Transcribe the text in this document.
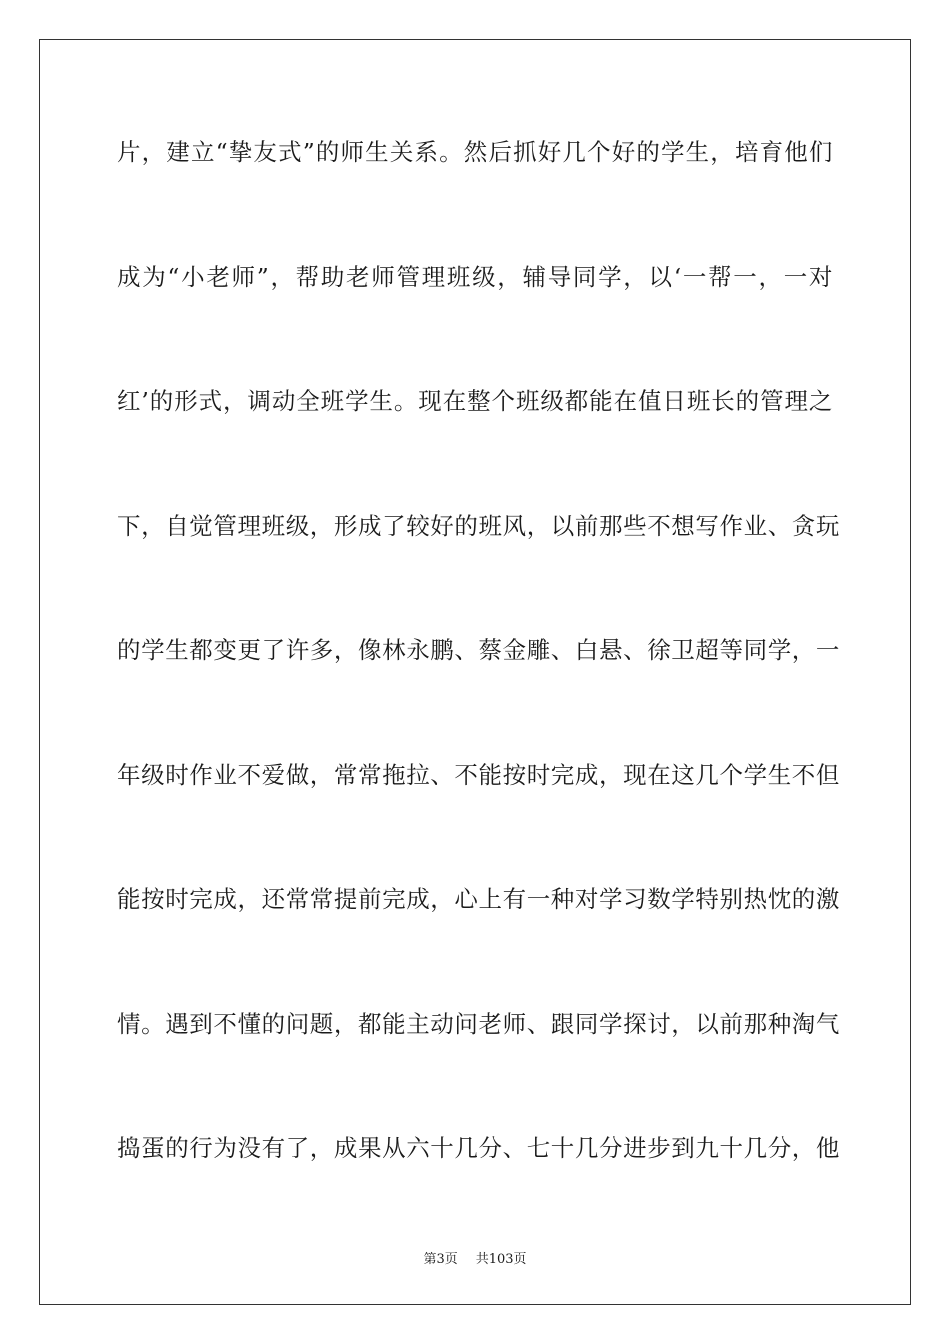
片，建立“挚友式”的师生关系。然后抓好几个好的学生，培育他们
成为“小老师”，帮助老师管理班级，辅导同学，以‘一帮一，一对
红’的形式，调动全班学生。现在整个班级都能在值日班长的管理之
下，自觉管理班级，形成了较好的班风，以前那些不想写作业、贪玩
的学生都变更了许多，像林永鹏、蔡金雕、白悬、徐卫超等同学，一
年级时作业不爱做，常常拖拉、不能按时完成，现在这几个学生不但
能按时完成，还常常提前完成，心上有一种对学习数学特别热忱的激
情。遇到不懂的问题，都能主动问老师、跟同学探讨，以前那种淘气
捣蛋的行为没有了，成果从六十几分、七十几分进步到九十几分，他
第3页 共103页
